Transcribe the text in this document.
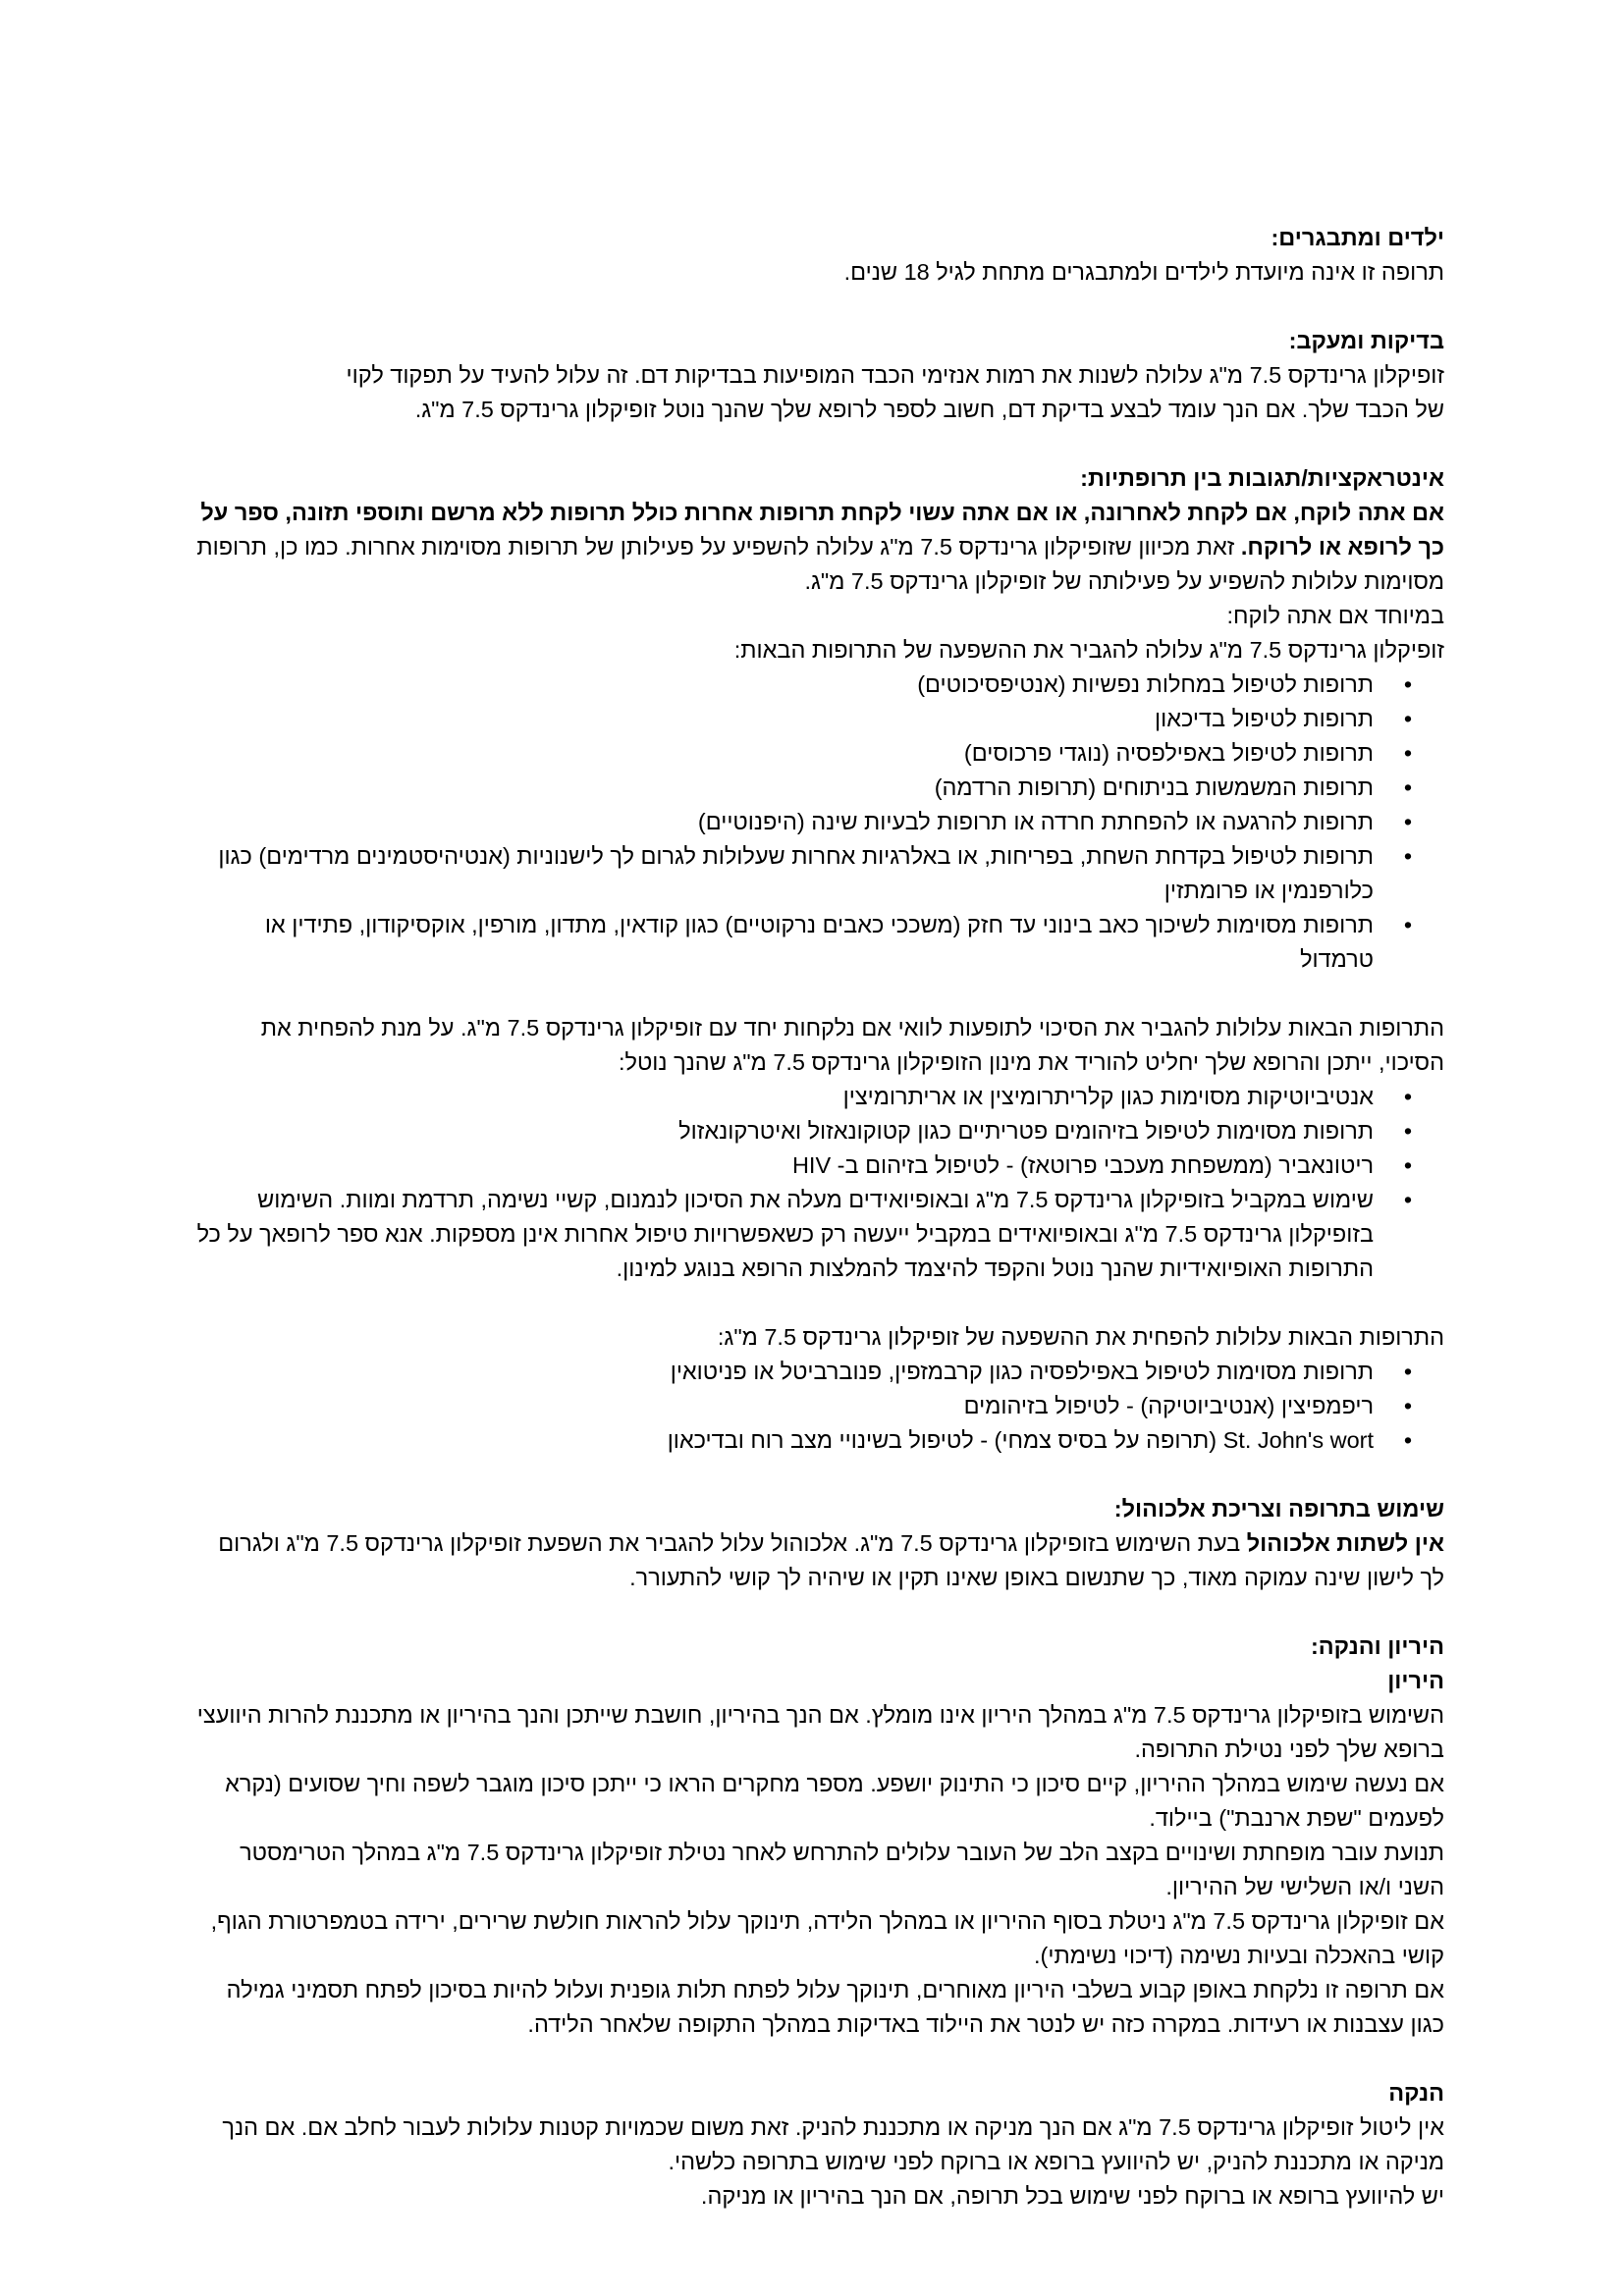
ילדים ומתבגרים:

תרופה זו אינה מיועדת לילדים ולמתבגרים מתחת לגיל 18 שנים.

בדיקות ומעקב:

זופיקלון גרינדקס 7.5 מ"ג עלולה לשנות את רמות אנזימי הכבד המופיעות בבדיקות דם. זה עלול להעיד על תפקוד לקוי

של הכבד שלך. אם הנך עומד לבצע בדיקת דם, חשוב לספר לרופא שלך שהנך נוטל זופיקלון גרינדקס 7.5 מ"ג.

אינטראקציות/תגובות בין תרופתיות:

אם אתה לוקח, אם לקחת לאחרונה, או אם אתה עשוי לקחת תרופות אחרות כולל תרופות ללא מרשם ותוספי תזונה, ספר על כך לרופא או לרוקח. זאת מכיוון שזופיקלון גרינדקס 7.5 מ"ג עלולה להשפיע על פעילותן של תרופות מסוימות אחרות. כמו כן, תרופות מסוימות עלולות להשפיע על פעילותה של זופיקלון גרינדקס 7.5 מ"ג.

במיוחד אם אתה לוקח:

זופיקלון גרינדקס 7.5 מ"ג עלולה להגביר את ההשפעה של התרופות הבאות:

•
תרופות לטיפול במחלות נפשיות (אנטיפסיכוטים)
•
תרופות לטיפול בדיכאון
•
תרופות לטיפול באפילפסיה (נוגדי פרכוסים)
•
תרופות המשמשות בניתוחים (תרופות הרדמה)
•
תרופות להרגעה או להפחתת חרדה או תרופות לבעיות שינה (היפנוטיים)
•
תרופות לטיפול בקדחת השחת, בפריחות, או באלרגיות אחרות שעלולות לגרום לך לישנוניות (אנטיהיסטמינים מרדימים) כגון כלורפנמין או פרומתזין
•
תרופות מסוימות לשיכוך כאב בינוני עד חזק (משככי כאבים נרקוטיים) כגון קודאין, מתדון, מורפין, אוקסיקודון, פתידין או טרמדול

התרופות הבאות עלולות להגביר את הסיכוי לתופעות לוואי אם נלקחות יחד עם זופיקלון גרינדקס 7.5 מ"ג. על מנת להפחית את הסיכוי, ייתכן והרופא שלך יחליט להוריד את מינון הזופיקלון גרינדקס 7.5 מ"ג שהנך נוטל:

•
אנטיביוטיקות מסוימות כגון קלריתרומיצין או אריתרומיצין
•
תרופות מסוימות לטיפול בזיהומים פטריתיים כגון קטוקונאזול ואיטרקונאזול
•
ריטונאביר (ממשפחת מעכבי פרוטאז) - לטיפול בזיהום ב- HIV
•
שימוש במקביל בזופיקלון גרינדקס 7.5 מ"ג ובאופיואידים מעלה את הסיכון לנמנום, קשיי נשימה, תרדמת ומוות. השימוש בזופיקלון גרינדקס 7.5 מ"ג ובאופיואידים במקביל ייעשה רק כשאפשרויות טיפול אחרות אינן מספקות. אנא ספר לרופאך על כל התרופות האופיואידיות שהנך נוטל והקפד להיצמד להמלצות הרופא בנוגע למינון.

התרופות הבאות עלולות להפחית את ההשפעה של זופיקלון גרינדקס 7.5 מ"ג:

•
תרופות מסוימות לטיפול באפילפסיה כגון קרבמזפין, פנוברביטל או פניטואין
•
ריפמפיצין (אנטיביוטיקה) - לטיפול בזיהומים
•
St. John's wort (תרופה על בסיס צמחי) - לטיפול בשינויי מצב רוח ובדיכאון
שימוש בתרופה וצריכת אלכוהול:

אין לשתות אלכוהול בעת השימוש בזופיקלון גרינדקס 7.5 מ"ג. אלכוהול עלול להגביר את השפעת זופיקלון גרינדקס 7.5 מ"ג ולגרום לך לישון שינה עמוקה מאוד, כך שתנשום באופן שאינו תקין או שיהיה לך קושי להתעורר.

היריון והנקה:
היריון

השימוש בזופיקלון גרינדקס 7.5 מ"ג במהלך היריון אינו מומלץ. אם הנך בהיריון, חושבת שייתכן והנך בהיריון או מתכננת להרות היוועצי ברופא שלך לפני נטילת התרופה.

אם נעשה שימוש במהלך ההיריון, קיים סיכון כי התינוק יושפע. מספר מחקרים הראו כי ייתכן סיכון מוגבר לשפה וחיך שסועים (נקרא לפעמים "שפת ארנבת") ביילוד.

תנועת עובר מופחתת ושינויים בקצב הלב של העובר עלולים להתרחש לאחר נטילת זופיקלון גרינדקס 7.5 מ"ג במהלך הטרימסטר השני ו/או השלישי של ההיריון.

אם זופיקלון גרינדקס 7.5 מ"ג ניטלת בסוף ההיריון או במהלך הלידה, תינוקך עלול להראות חולשת שרירים, ירידה בטמפרטורת הגוף, קושי בהאכלה ובעיות נשימה (דיכוי נשימתי).

אם תרופה זו נלקחת באופן קבוע בשלבי היריון מאוחרים, תינוקך עלול לפתח תלות גופנית ועלול להיות בסיכון לפתח תסמיני גמילה כגון עצבנות או רעידות. במקרה כזה יש לנטר את היילוד באדיקות במהלך התקופה שלאחר הלידה.

הנקה

אין ליטול זופיקלון גרינדקס 7.5 מ"ג אם הנך מניקה או מתכננת להניק. זאת משום שכמויות קטנות עלולות לעבור לחלב אם. אם הנך מניקה או מתכננת להניק, יש להיוועץ ברופא או ברוקח לפני שימוש בתרופה כלשהי.

יש להיוועץ ברופא או ברוקח לפני שימוש בכל תרופה, אם הנך בהיריון או מניקה.
